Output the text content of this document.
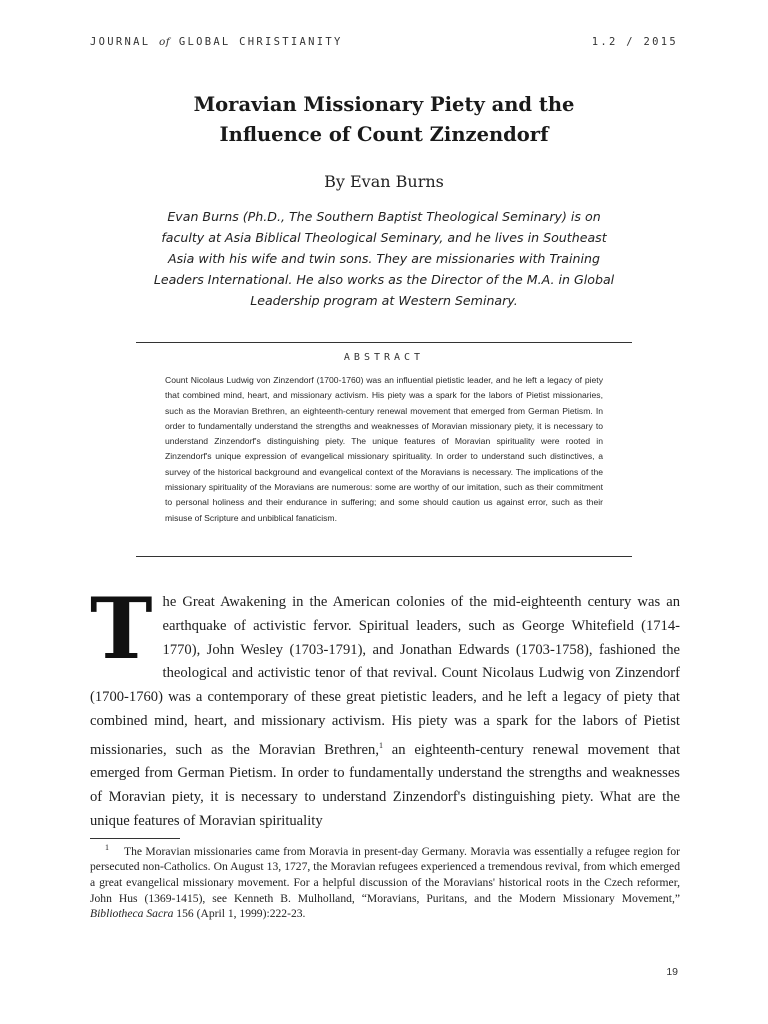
JOURNAL of GLOBAL CHRISTIANITY	1.2 / 2015
Moravian Missionary Piety and the
Influence of Count Zinzendorf
By Evan Burns
Evan Burns (Ph.D., The Southern Baptist Theological Seminary) is on faculty at Asia Biblical Theological Seminary, and he lives in Southeast Asia with his wife and twin sons. They are missionaries with Training Leaders International. He also works as the Director of the M.A. in Global Leadership program at Western Seminary.
ABSTRACT
Count Nicolaus Ludwig von Zinzendorf (1700-1760) was an influential pietistic leader, and he left a legacy of piety that combined mind, heart, and missionary activism. His piety was a spark for the labors of Pietist missionaries, such as the Moravian Brethren, an eighteenth-century renewal movement that emerged from German Pietism. In order to fundamentally understand the strengths and weaknesses of Moravian missionary piety, it is necessary to understand Zinzendorf's distinguishing piety. The unique features of Moravian spirituality were rooted in Zinzendorf's unique expression of evangelical missionary spirituality. In order to understand such distinctives, a survey of the historical background and evangelical context of the Moravians is necessary. The implications of the missionary spirituality of the Moravians are numerous: some are worthy of our imitation, such as their commitment to personal holiness and their endurance in suffering; and some should caution us against error, such as their misuse of Scripture and unbiblical fanaticism.
The Great Awakening in the American colonies of the mid-eighteenth century was an earthquake of activistic fervor. Spiritual leaders, such as George Whitefield (1714-1770), John Wesley (1703-1791), and Jonathan Edwards (1703-1758), fashioned the theological and activistic tenor of that revival. Count Nicolaus Ludwig von Zinzendorf (1700-1760) was a contemporary of these great pietistic leaders, and he left a legacy of piety that combined mind, heart, and missionary activism. His piety was a spark for the labors of Pietist missionaries, such as the Moravian Brethren,$^1$ an eighteenth-century renewal movement that emerged from German Pietism. In order to fundamentally understand the strengths and weaknesses of Moravian piety, it is necessary to understand Zinzendorf's distinguishing piety. What are the unique features of Moravian spirituality
1 The Moravian missionaries came from Moravia in present-day Germany. Moravia was essentially a refugee region for persecuted non-Catholics. On August 13, 1727, the Moravian refugees experienced a tremendous revival, from which emerged a great evangelical missionary movement. For a helpful discussion of the Moravians' historical roots in the Czech reformer, John Hus (1369-1415), see Kenneth B. Mulholland, “Moravians, Puritans, and the Modern Missionary Movement,” Bibliotheca Sacra 156 (April 1, 1999):222-23.
19
